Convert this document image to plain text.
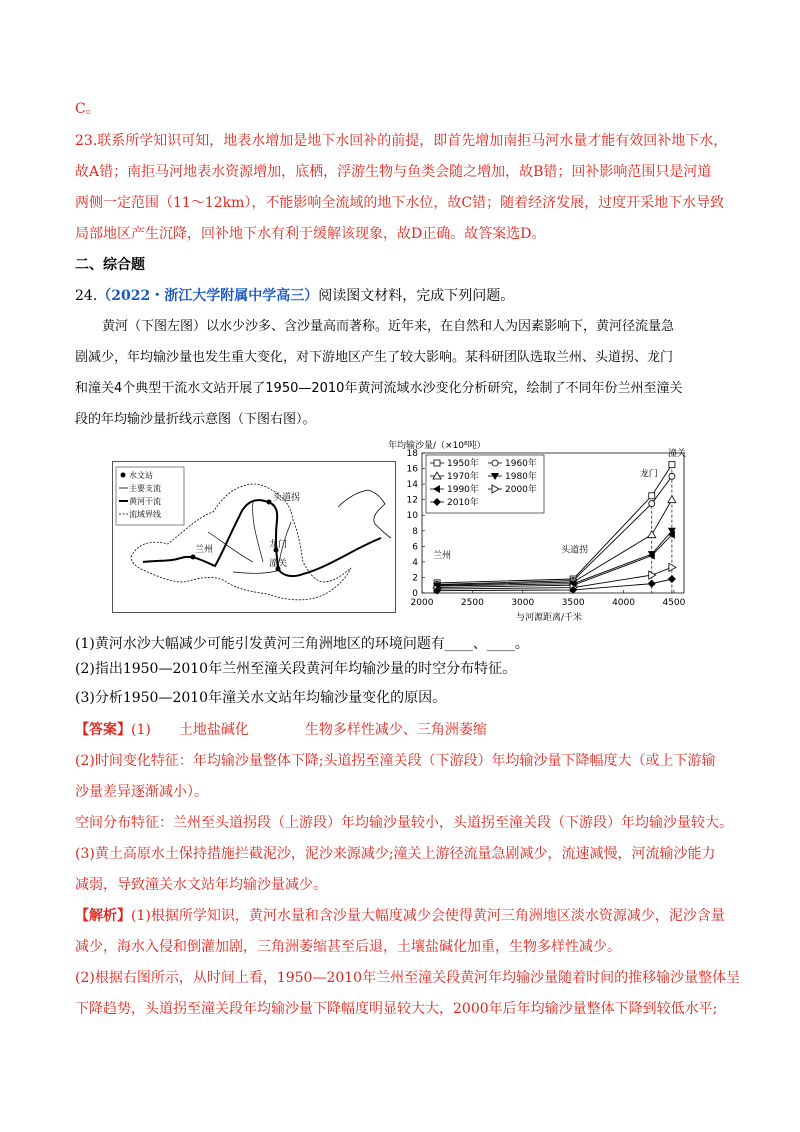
C。
23.联系所学知识可知，地表水增加是地下水回补的前提，即首先增加南拒马河水量才能有效回补地下水，
故A错；南拒马河地表水资源增加，底栖，浮游生物与鱼类会随之增加，故B错；回补影响范围只是河道
两侧一定范围（11～12km），不能影响全流域的地下水位，故C错；随着经济发展，过度开采地下水导致
局部地区产生沉降，回补地下水有利于缓解该现象，故D正确。故答案选D。
二、综合题
24.（2022・浙江大学附属中学高三）阅读图文材料，完成下列问题。
黄河（下图左图）以水少沙多、含沙量高而著称。近年来，在自然和人为因素影响下，黄河径流量急
剧减少，年均输沙量也发生重大变化，对下游地区产生了较大影响。某科研团队选取兰州、头道拐、龙门
和潼关4个典型干流水文站开展了1950—2010年黄河流域水沙变化分析研究，绘制了不同年份兰州至潼关
段的年均输沙量折线示意图（下图右图）。
水文站
主要支流
黄河干流
流域界线
头道拐
兰州	龙门
潼关
年均输沙量/（×10⁸吨）
0
2
4
6
8
10
12
14
16
18
2000	2500	3000	3500	4000	4500
兰州
头道拐
龙门
潼关
1950年	1960年
1970年	1980年
1990年	2000年
2010年
与河源距离/千米
(1)黄河水沙大幅减少可能引发黄河三角洲地区的环境问题有____、____。
(2)指出1950—2010年兰州至潼关段黄河年均输沙量的时空分布特征。
(3)分析1950—2010年潼关水文站年均输沙量变化的原因。
【答案】(1) 土地盐碱化	生物多样性减少、三角洲萎缩
(2)时间变化特征：年均输沙量整体下降;头道拐至潼关段（下游段）年均输沙量下降幅度大（或上下游输
沙量差异逐渐减小）。
空间分布特征：兰州至头道拐段（上游段）年均输沙量较小，头道拐至潼关段（下游段）年均输沙量较大。
(3)黄土高原水土保持措施拦截泥沙，泥沙来源减少;潼关上游径流量急剧减少，流速减慢，河流输沙能力
减弱，导致潼关水文站年均输沙量减少。
【解析】(1)根据所学知识，黄河水量和含沙量大幅度减少会使得黄河三角洲地区淡水资源减少，泥沙含量
减少，海水入侵和倒灌加剧，三角洲萎缩甚至后退，土壤盐碱化加重，生物多样性减少。
(2)根据右图所示，从时间上看，1950—2010年兰州至潼关段黄河年均输沙量随着时间的推移输沙量整体呈
下降趋势，头道拐至潼关段年均输沙量下降幅度明显较大大，2000年后年均输沙量整体下降到较低水平;
